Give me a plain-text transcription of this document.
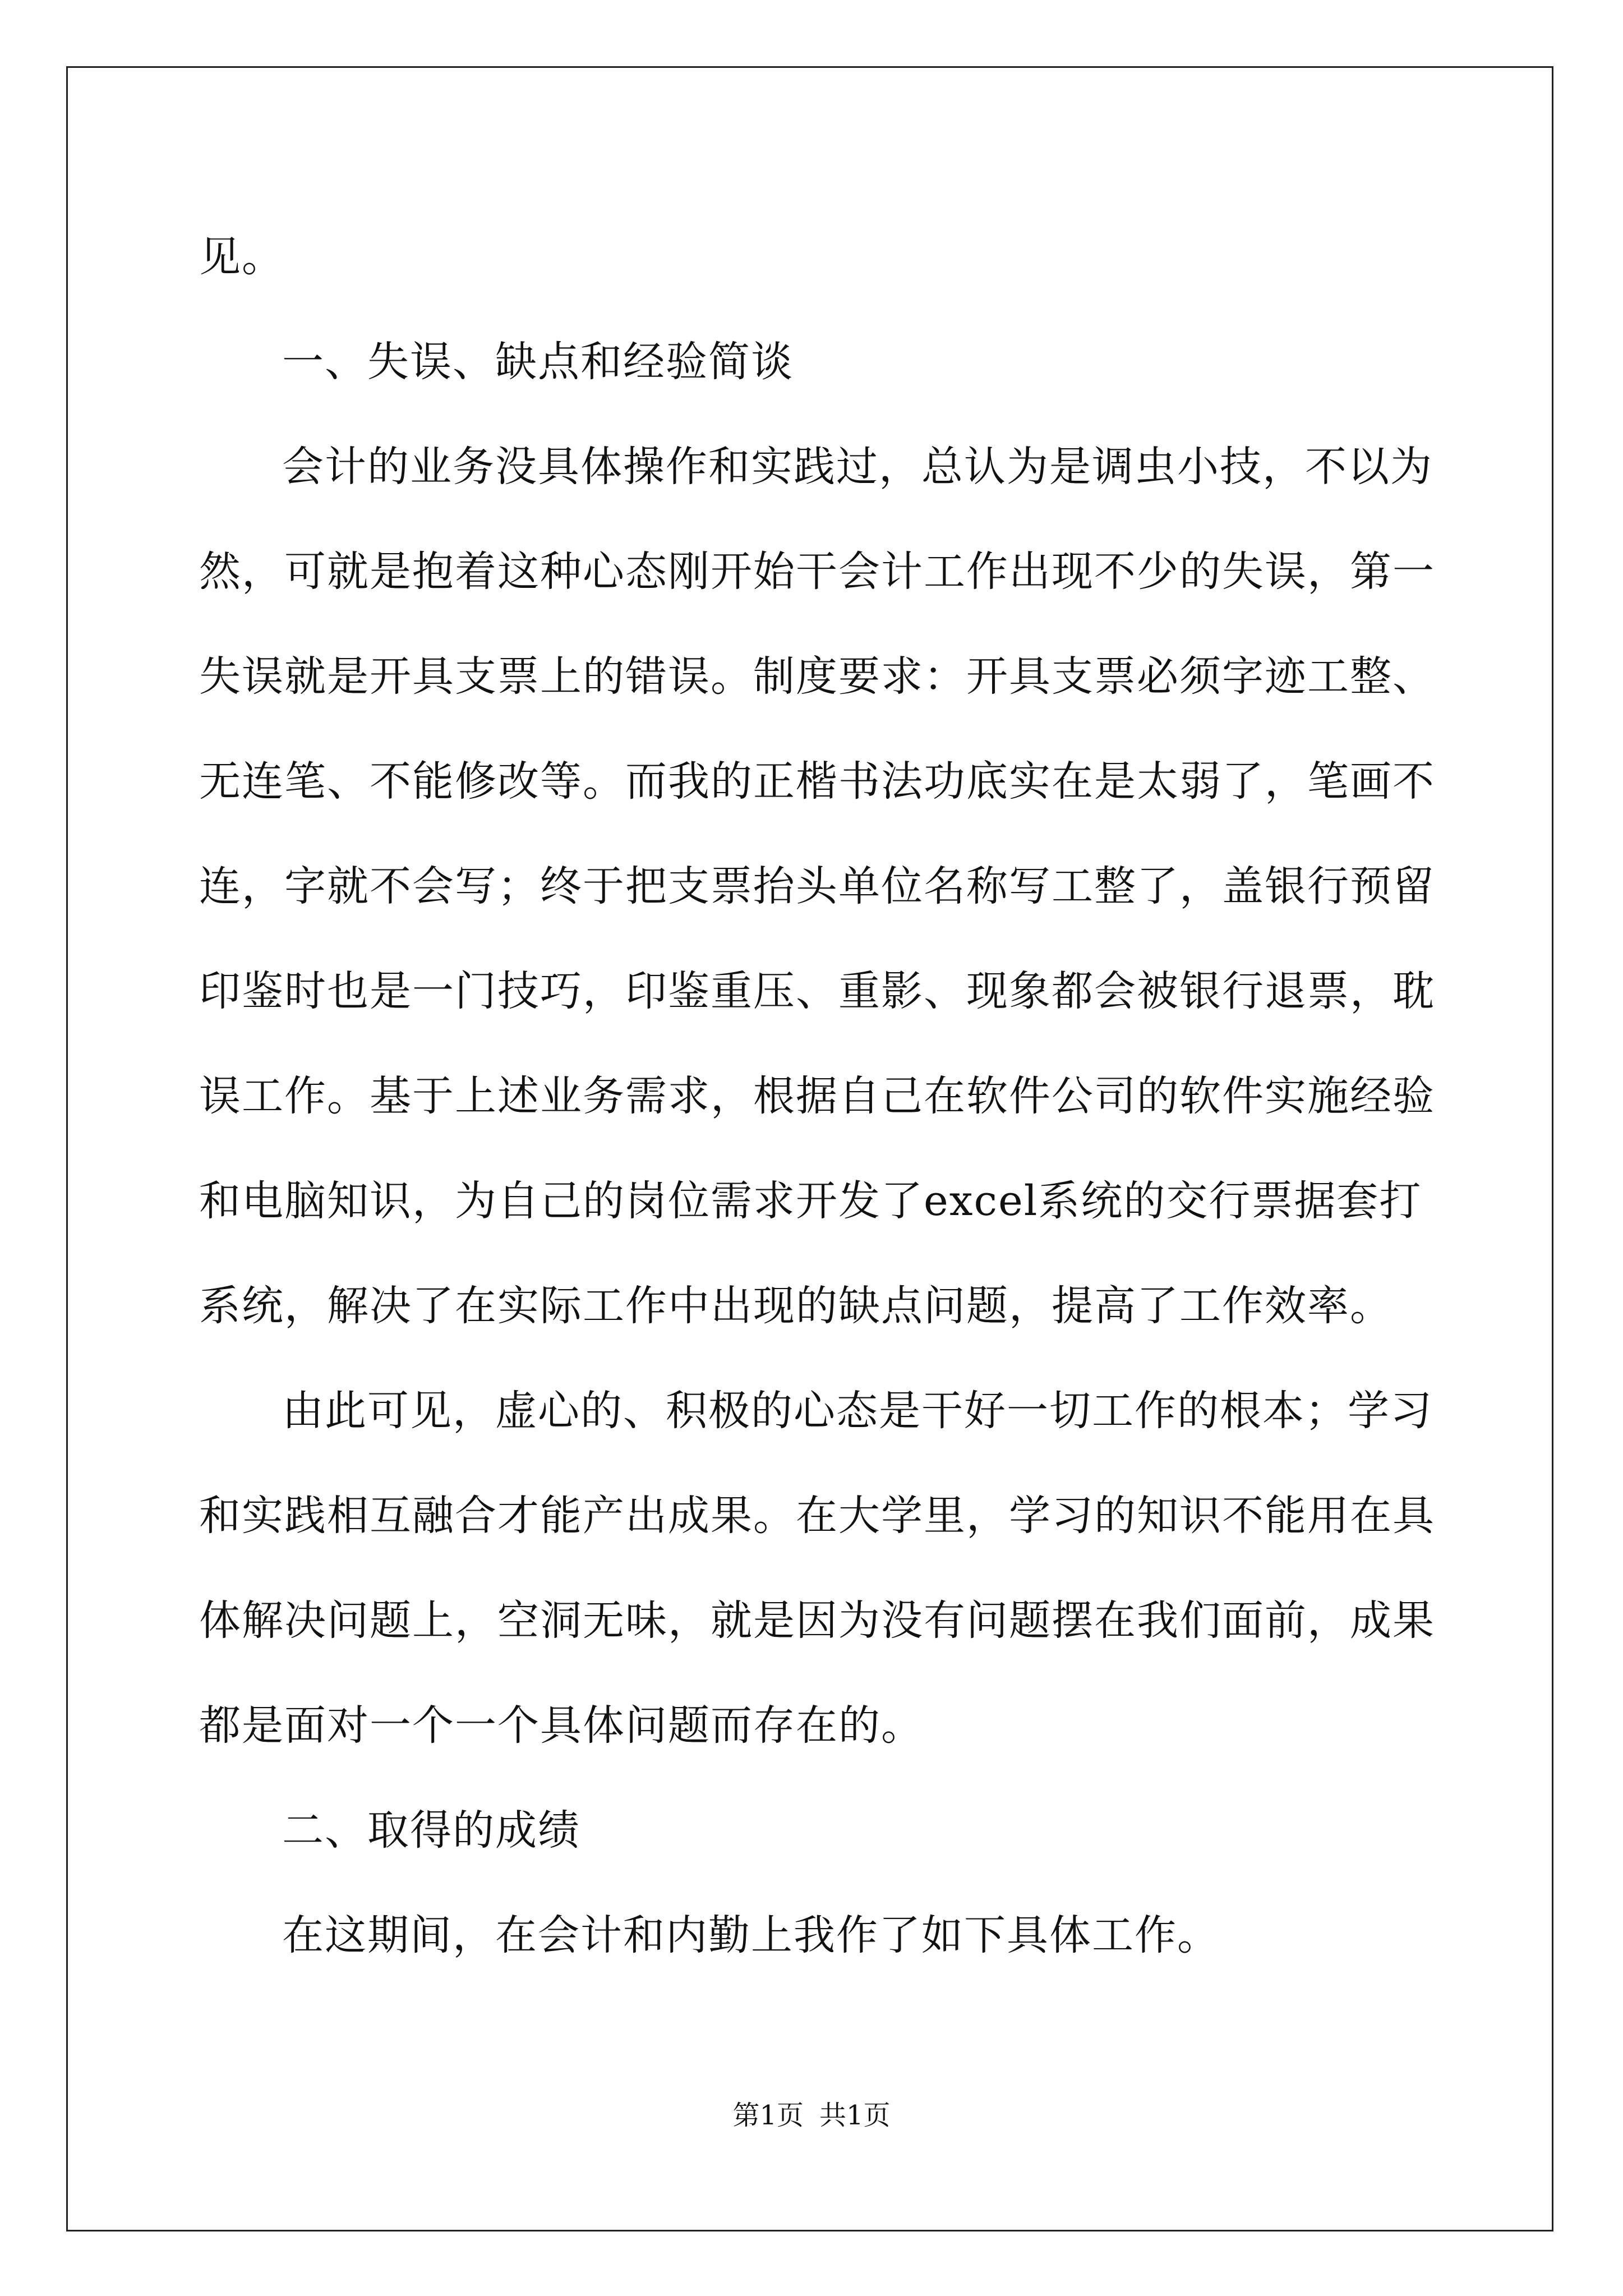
见。

一、失误、缺点和经验简谈

会计的业务没具体操作和实践过，总认为是调虫小技，不以为然，可就是抱着这种心态刚开始干会计工作出现不少的失误，第一失误就是开具支票上的错误。制度要求：开具支票必须字迹工整、无连笔、不能修改等。而我的正楷书法功底实在是太弱了，笔画不连，字就不会写；终于把支票抬头单位名称写工整了，盖银行预留印鉴时也是一门技巧，印鉴重压、重影、现象都会被银行退票，耽误工作。基于上述业务需求，根据自己在软件公司的软件实施经验和电脑知识，为自己的岗位需求开发了excel系统的交行票据套打系统，解决了在实际工作中出现的缺点问题，提高了工作效率。

由此可见，虚心的、积极的心态是干好一切工作的根本；学习和实践相互融合才能产出成果。在大学里，学习的知识不能用在具体解决问题上，空洞无味，就是因为没有问题摆在我们面前，成果都是面对一个一个具体问题而存在的。

二、取得的成绩

在这期间，在会计和内勤上我作了如下具体工作。

第1页 共1页
